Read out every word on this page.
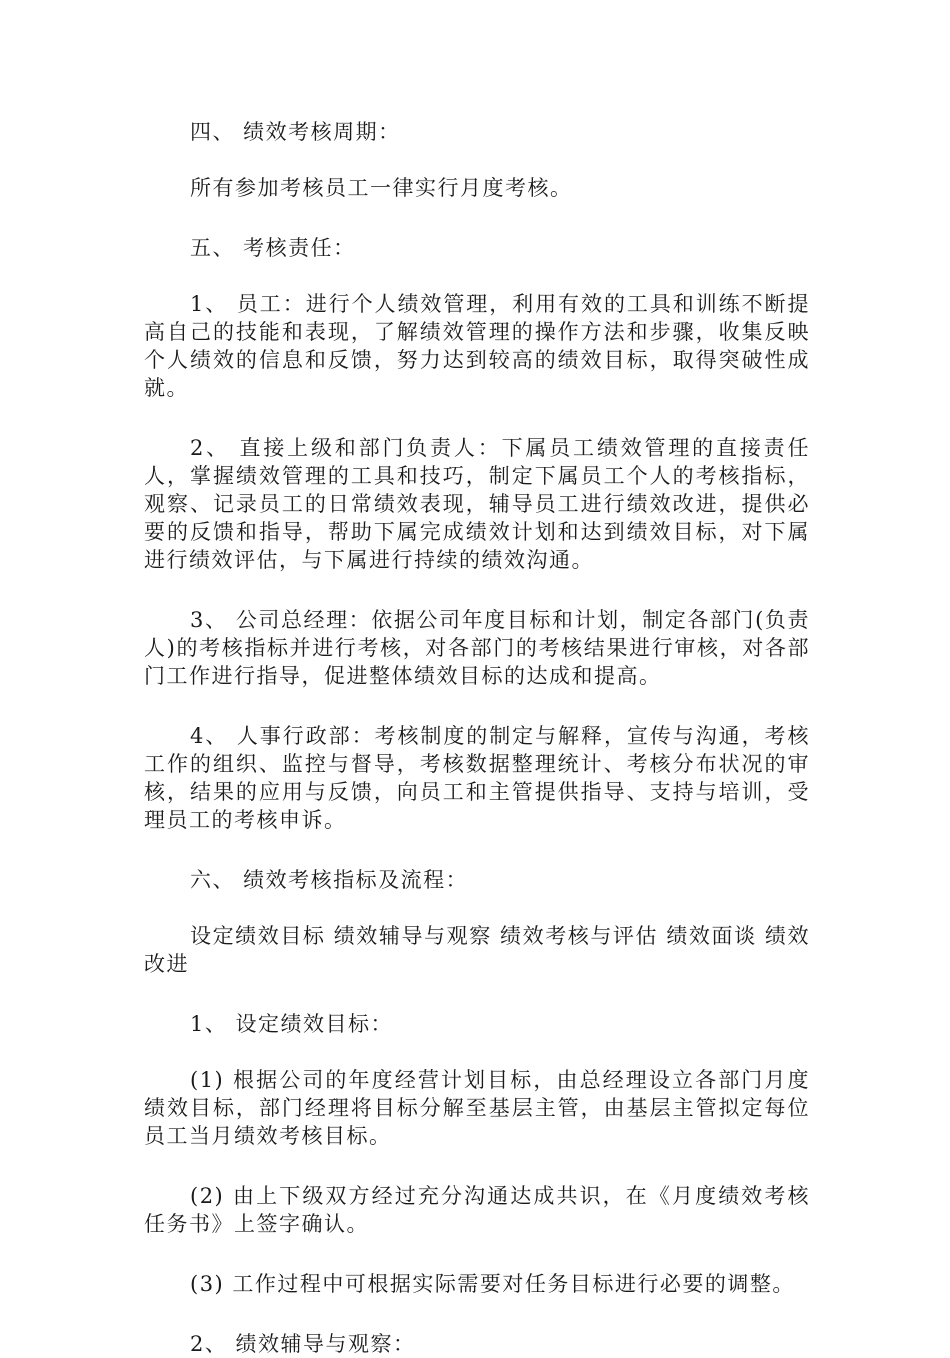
四、 绩效考核周期：

所有参加考核员工一律实行月度考核。

五、 考核责任：

1、 员工：进行个人绩效管理，利用有效的工具和训练不断提高自己的技能和表现，了解绩效管理的操作方法和步骤，收集反映个人绩效的信息和反馈，努力达到较高的绩效目标，取得突破性成就。

2、 直接上级和部门负责人：下属员工绩效管理的直接责任人，掌握绩效管理的工具和技巧，制定下属员工个人的考核指标，观察、记录员工的日常绩效表现，辅导员工进行绩效改进，提供必要的反馈和指导，帮助下属完成绩效计划和达到绩效目标，对下属进行绩效评估，与下属进行持续的绩效沟通。

3、 公司总经理：依据公司年度目标和计划，制定各部门(负责人)的考核指标并进行考核，对各部门的考核结果进行审核，对各部门工作进行指导，促进整体绩效目标的达成和提高。

4、 人事行政部：考核制度的制定与解释，宣传与沟通，考核工作的组织、监控与督导，考核数据整理统计、考核分布状况的审核，结果的应用与反馈，向员工和主管提供指导、支持与培训，受理员工的考核申诉。

六、 绩效考核指标及流程：

设定绩效目标 绩效辅导与观察 绩效考核与评估 绩效面谈 绩效改进

1、 设定绩效目标：

(1) 根据公司的年度经营计划目标，由总经理设立各部门月度绩效目标，部门经理将目标分解至基层主管，由基层主管拟定每位员工当月绩效考核目标。

(2) 由上下级双方经过充分沟通达成共识，在《月度绩效考核任务书》上签字确认。

(3) 工作过程中可根据实际需要对任务目标进行必要的调整。

2、 绩效辅导与观察：
